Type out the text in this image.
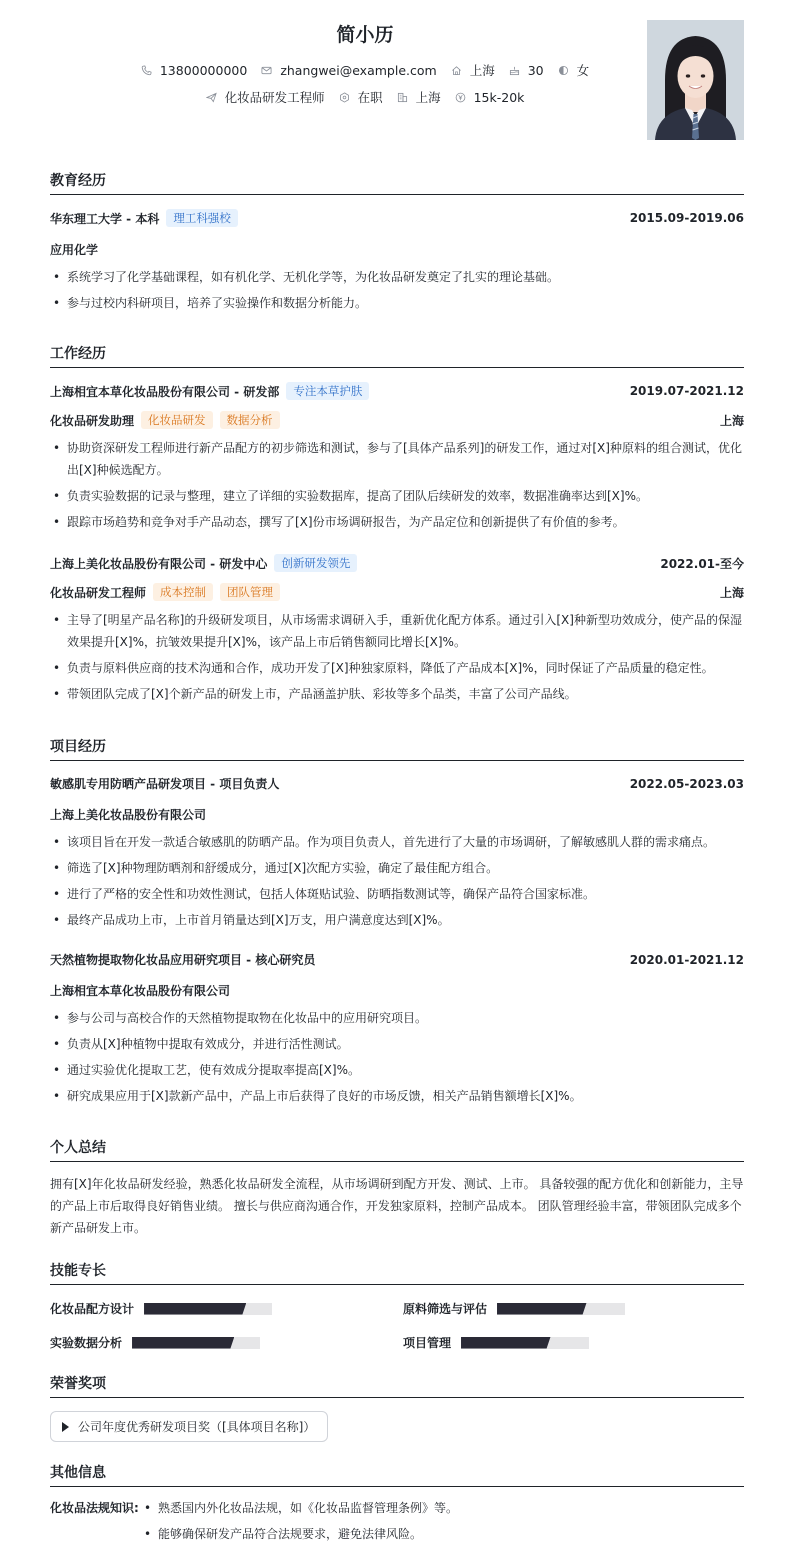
简小历
13800000000	zhangwei@example.com	上海	30	女
化妆品研发工程师	在职	上海	15k-20k
教育经历
华东理工大学 - 本科	理工科强校	2015.09-2019.06
应用化学
• 系统学习了化学基础课程，如有机化学、无机化学等，为化妆品研发奠定了扎实的理论基础。
• 参与过校内科研项目，培养了实验操作和数据分析能力。
工作经历
上海相宜本草化妆品股份有限公司 - 研发部	专注本草护肤	2019.07-2021.12
化妆品研发助理	化妆品研发	数据分析	上海
• 协助资深研发工程师进行新产品配方的初步筛选和测试，参与了[具体产品系列]的研发工作，通过对[X]种原料的组合测试，优化出[X]种候选配方。
• 负责实验数据的记录与整理，建立了详细的实验数据库，提高了团队后续研发的效率，数据准确率达到[X]%。
• 跟踪市场趋势和竞争对手产品动态，撰写了[X]份市场调研报告，为产品定位和创新提供了有价值的参考。
上海上美化妆品股份有限公司 - 研发中心	创新研发领先	2022.01-至今
化妆品研发工程师	成本控制	团队管理	上海
• 主导了[明星产品名称]的升级研发项目，从市场需求调研入手，重新优化配方体系。通过引入[X]种新型功效成分，使产品的保湿效果提升[X]%，抗皱效果提升[X]%，该产品上市后销售额同比增长[X]%。
• 负责与原料供应商的技术沟通和合作，成功开发了[X]种独家原料，降低了产品成本[X]%，同时保证了产品质量的稳定性。
• 带领团队完成了[X]个新产品的研发上市，产品涵盖护肤、彩妆等多个品类，丰富了公司产品线。
项目经历
敏感肌专用防晒产品研发项目 - 项目负责人	2022.05-2023.03
上海上美化妆品股份有限公司
• 该项目旨在开发一款适合敏感肌的防晒产品。作为项目负责人，首先进行了大量的市场调研，了解敏感肌人群的需求痛点。
• 筛选了[X]种物理防晒剂和舒缓成分，通过[X]次配方实验，确定了最佳配方组合。
• 进行了严格的安全性和功效性测试，包括人体斑贴试验、防晒指数测试等，确保产品符合国家标准。
• 最终产品成功上市，上市首月销量达到[X]万支，用户满意度达到[X]%。
天然植物提取物化妆品应用研究项目 - 核心研究员	2020.01-2021.12
上海相宜本草化妆品股份有限公司
• 参与公司与高校合作的天然植物提取物在化妆品中的应用研究项目。
• 负责从[X]种植物中提取有效成分，并进行活性测试。
• 通过实验优化提取工艺，使有效成分提取率提高[X]%。
• 研究成果应用于[X]款新产品中，产品上市后获得了良好的市场反馈，相关产品销售额增长[X]%。
个人总结
拥有[X]年化妆品研发经验，熟悉化妆品研发全流程，从市场调研到配方开发、测试、上市。 具备较强的配方优化和创新能力，主导的产品上市后取得良好销售业绩。 擅长与供应商沟通合作，开发独家原料，控制产品成本。 团队管理经验丰富，带领团队完成多个新产品研发上市。
技能专长
化妆品配方设计	原料筛选与评估
实验数据分析	项目管理
荣誉奖项
公司年度优秀研发项目奖（[具体项目名称]）
其他信息
化妆品法规知识:
•	熟悉国内外化妆品法规，如《化妆品监督管理条例》等。
• 能够确保研发产品符合法规要求，避免法律风险。
